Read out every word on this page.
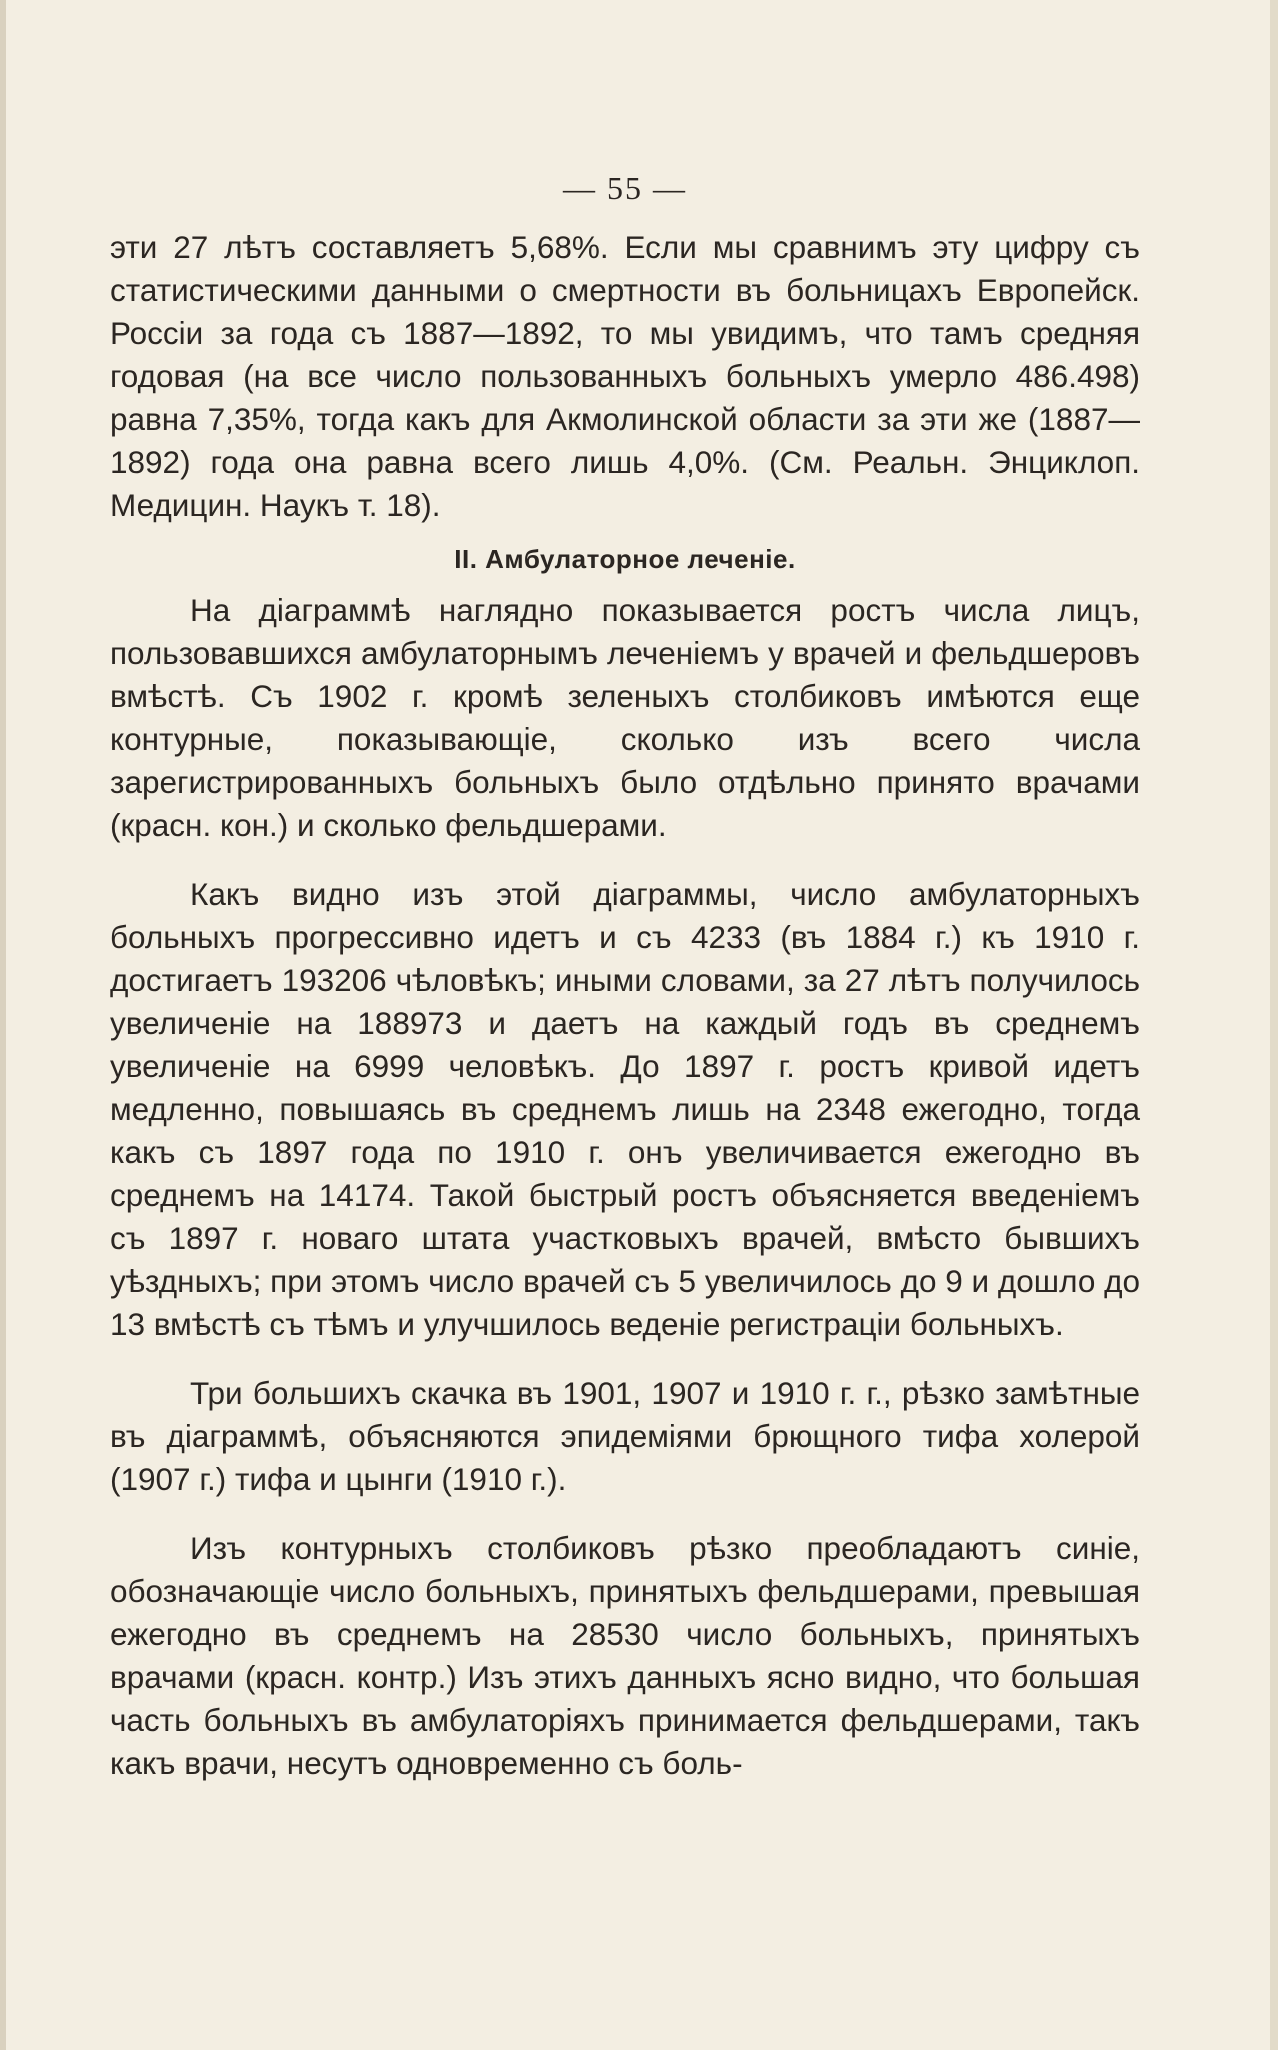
— 55 —

эти 27 лѣтъ составляетъ 5,68%. Если мы сравнимъ эту цифру съ статистическими данными о смертности въ больницахъ Европейск. Россіи за года съ 1887—1892, то мы увидимъ, что тамъ средняя годовая (на все число пользованныхъ больныхъ умерло 486.498) равна 7,35%, тогда какъ для Акмолинской области за эти же (1887—1892) года она равна всего лишь 4,0%. (См. Реальн. Энциклоп. Медицин. Наукъ т. 18).

II. Амбулаторное леченіе.

На діаграммѣ наглядно показывается ростъ числа лицъ, пользовавшихся амбулаторнымъ леченіемъ у врачей и фельдшеровъ вмѣстѣ. Съ 1902 г. кромѣ зеленыхъ столбиковъ имѣются еще контурные, показывающіе, сколько изъ всего числа зарегистрированныхъ больныхъ было отдѣльно принято врачами (красн. кон.) и сколько фельдшерами.

Какъ видно изъ этой діаграммы, число амбулаторныхъ больныхъ прогрессивно идетъ и съ 4233 (въ 1884 г.) къ 1910 г. достигаетъ 193206 чѣловѣкъ; иными словами, за 27 лѣтъ получилось увеличеніе на 188973 и даетъ на каждый годъ въ среднемъ увеличеніе на 6999 человѣкъ. До 1897 г. ростъ кривой идетъ медленно, повышаясь въ среднемъ лишь на 2348 ежегодно, тогда какъ съ 1897 года по 1910 г. онъ увеличивается ежегодно въ среднемъ на 14174. Такой быстрый ростъ объясняется введеніемъ съ 1897 г. новаго штата участковыхъ врачей, вмѣсто бывшихъ уѣздныхъ; при этомъ число врачей съ 5 увеличилось до 9 и дошло до 13 вмѣстѣ съ тѣмъ и улучшилось веденіе регистраціи больныхъ.

Три большихъ скачка въ 1901, 1907 и 1910 г. г., рѣзко замѣтные въ діаграммѣ, объясняются эпидеміями брющного тифа холерой (1907 г.) тифа и цынги (1910 г.).

Изъ контурныхъ столбиковъ рѣзко преобладаютъ синіе, обозначающіе число больныхъ, принятыхъ фельдшерами, превышая ежегодно въ среднемъ на 28530 число больныхъ, принятыхъ врачами (красн. контр.) Изъ этихъ данныхъ ясно видно, что большая часть больныхъ въ амбулаторіяхъ принимается фельдшерами, такъ какъ врачи, несутъ одновременно съ боль-
